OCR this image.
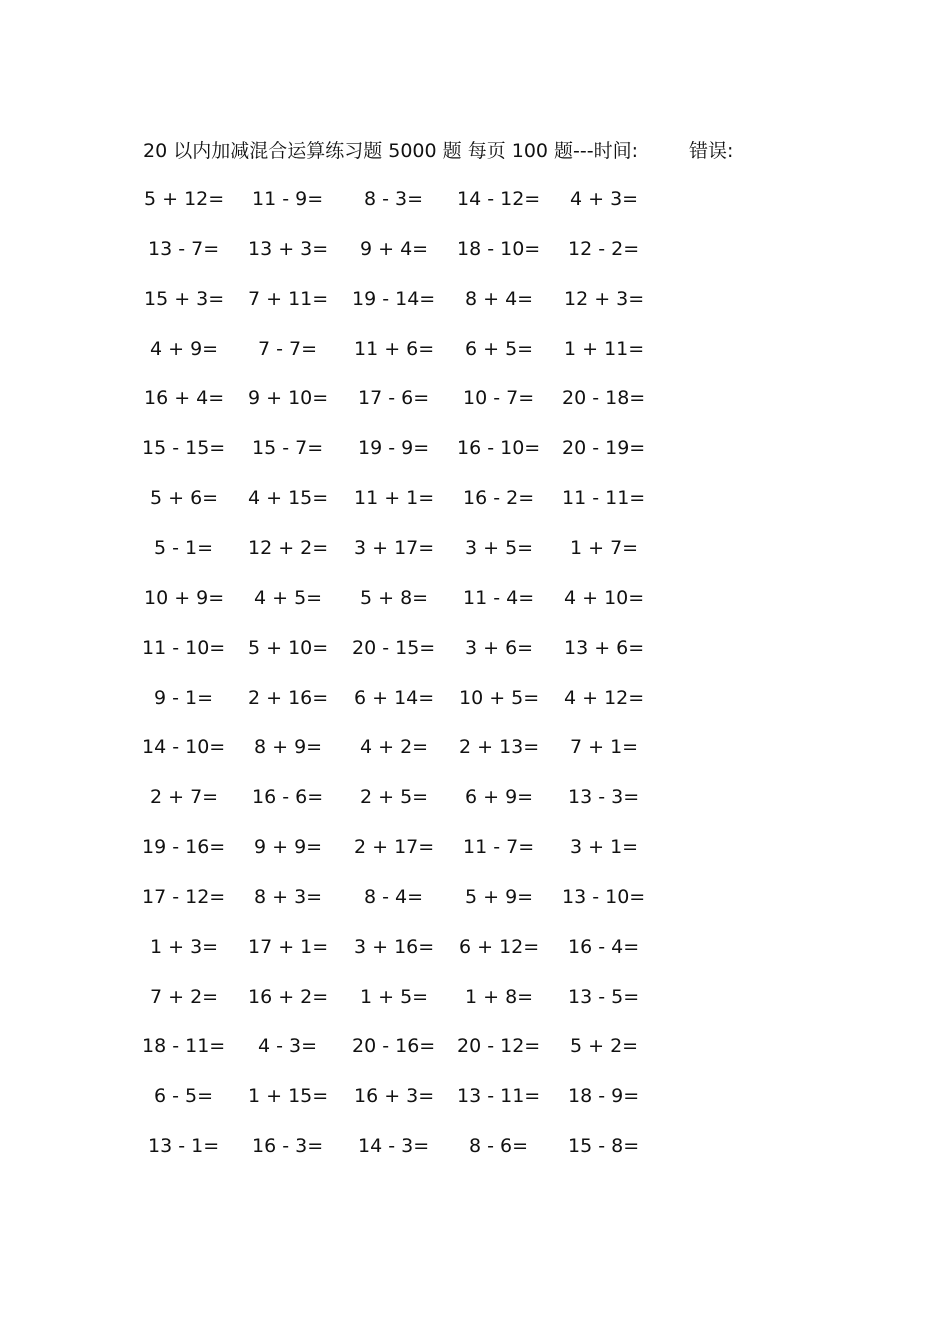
20 以内加减混合运算练习题 5000 题 每页 100 题---时间:	错误:
5 + 12= 11 - 9= 8 - 3= 14 - 12= 4 + 3=
13 - 7= 13 + 3= 9 + 4= 18 - 10= 12 - 2=
15 + 3= 7 + 11= 19 - 14= 8 + 4= 12 + 3=
4 + 9= 7 - 7= 11 + 6= 6 + 5= 1 + 11=
16 + 4= 9 + 10= 17 - 6= 10 - 7= 20 - 18=
15 - 15= 15 - 7= 19 - 9= 16 - 10= 20 - 19=
5 + 6= 4 + 15= 11 + 1= 16 - 2= 11 - 11=
5 - 1= 12 + 2= 3 + 17= 3 + 5= 1 + 7=
10 + 9= 4 + 5= 5 + 8= 11 - 4= 4 + 10=
11 - 10= 5 + 10= 20 - 15= 3 + 6= 13 + 6=
9 - 1= 2 + 16= 6 + 14= 10 + 5= 4 + 12=
14 - 10= 8 + 9= 4 + 2= 2 + 13= 7 + 1=
2 + 7= 16 - 6= 2 + 5= 6 + 9= 13 - 3=
19 - 16= 9 + 9= 2 + 17= 11 - 7= 3 + 1=
17 - 12= 8 + 3= 8 - 4= 5 + 9= 13 - 10=
1 + 3= 17 + 1= 3 + 16= 6 + 12= 16 - 4=
7 + 2= 16 + 2= 1 + 5= 1 + 8= 13 - 5=
18 - 11= 4 - 3= 20 - 16= 20 - 12= 5 + 2=
6 - 5= 1 + 15= 16 + 3= 13 - 11= 18 - 9=
13 - 1= 16 - 3= 14 - 3= 8 - 6= 15 - 8=
